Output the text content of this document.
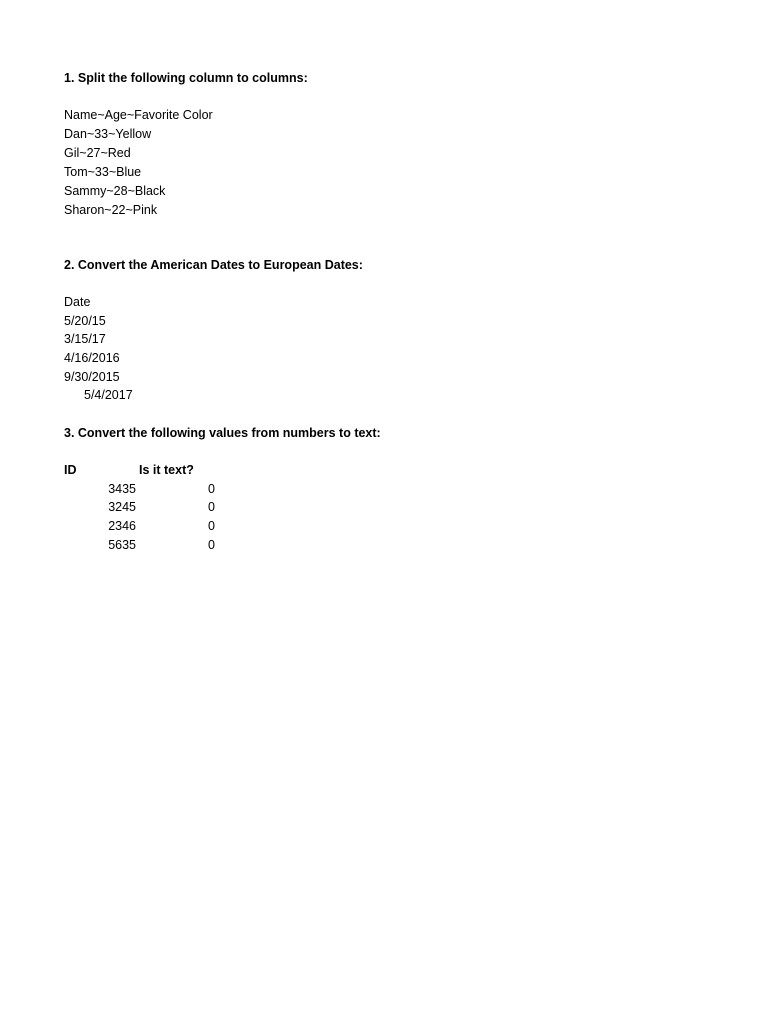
1. Split the following column to columns:
Name~Age~Favorite Color
Dan~33~Yellow
Gil~27~Red
Tom~33~Blue
Sammy~28~Black
Sharon~22~Pink
2. Convert the American Dates to European Dates:
Date
5/20/15
3/15/17
4/16/2016
9/30/2015
5/4/2017
3. Convert the following values from numbers to text:
ID	Is it text?
3435	0
3245	0
2346	0
5635	0
